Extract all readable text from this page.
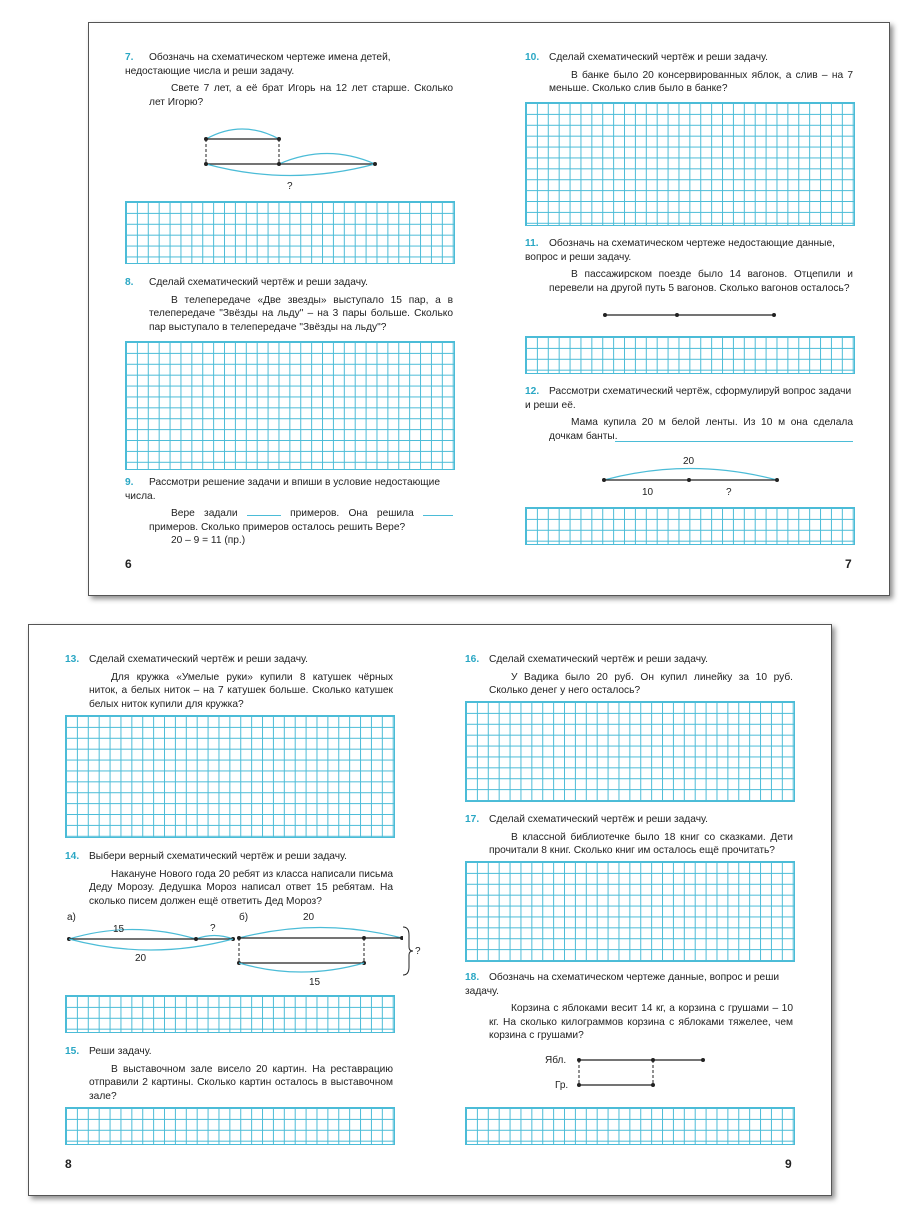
7. Обозначь на схематическом чертеже имена детей, недостающие числа и реши задачу.
Свете 7 лет, а её брат Игорь на 12 лет старше. Сколько лет Игорю?
?
8. Сделай схематический чертёж и реши задачу.
В телепередаче «Две звезды» выступало 15 пар, а в телепередаче "Звёзды на льду" – на 3 пары больше. Сколько пар выступало в телепередаче "Звёзды на льду"?
9. Рассмотри решение задачи и впиши в условие недостающие числа.
Вере задали	примеров. Она решила  примеров. Сколько примеров осталось решить Вере?
20 – 9 = 11 (пр.)
6
10. Сделай схематический чертёж и реши задачу.
В банке было 20 консервированных яблок, а слив – на 7 меньше. Сколько слив было в банке?
11. Обозначь на схематическом чертеже недостающие данные, вопрос и реши задачу.
В пассажирском поезде было 14 вагонов. Отцепили и перевели на другой путь 5 вагонов. Сколько вагонов осталось?
12. Рассмотри схематический чертёж, сформулируй вопрос задачи и реши её.
Мама купила 20 м белой ленты. Из 10 м она сделала дочкам банты.
20
10	?
7
13. Сделай схематический чертёж и реши задачу.
Для кружка «Умелые руки» купили 8 катушек чёрных ниток, а белых ниток – на 7 катушек больше. Сколько катушек белых ниток купили для кружка?
14. Выбери верный схематический чертёж и реши задачу.
Накануне Нового года 20 ребят из класса написали письма Деду Морозу. Дедушка Мороз написал ответ 15 ребятам. На сколько писем должен ещё ответить Дед Мороз?
а)
15	?
20
б)	20
15
?
15. Реши задачу.
В выставочном зале висело 20 картин. На реставрацию отправили 2 картины. Сколько картин осталось в выставочном зале?
8
16. Сделай схематический чертёж и реши задачу.
У Вадика было 20 руб. Он купил линейку за 10 руб. Сколько денег у него осталось?
17. Сделай схематический чертёж и реши задачу.
В классной библиотечке было 18 книг со сказками. Дети прочитали 8 книг. Сколько книг им осталось ещё прочитать?
18. Обозначь на схематическом чертеже данные, вопрос и реши задачу.
Корзина с яблоками весит 14 кг, а корзина с грушами – 10 кг. На сколько килограммов корзина с яблоками тяжелее, чем корзина с грушами?
Ябл.
Гр.
9
